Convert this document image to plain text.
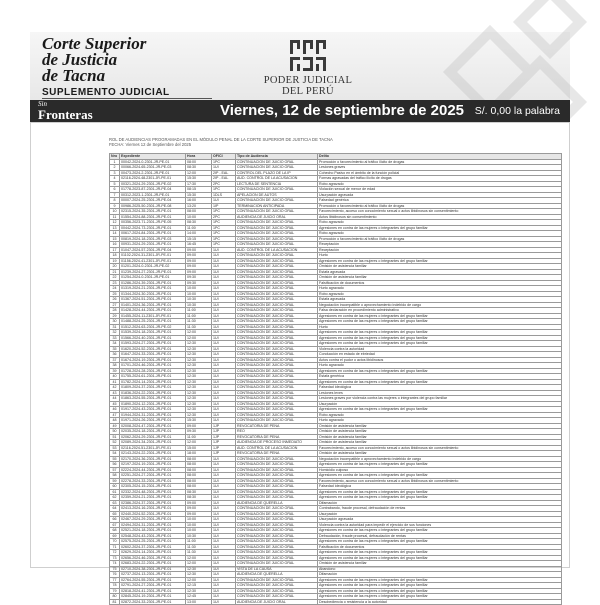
Corte Superior
de Justicia
de Tacna
SUPLEMENTO JUDICIAL
PODER JUDICIAL
DEL PERÚ
Sin
Fronteras	Viernes, 12 de septiembre de 2025 S/. 0,00 la palabra
ROL DE AUDIENCIAS PROGRAMADAS EN EL MÓDULO PENAL DE LA CORTE SUPERIOR DE JUSTICIA DE TACNA
FECHA: Viernes 12 de Septiembre del 2025
Nro	Expediente	Hora	OFICI	Tipo de Audiencia	Delito
1	00042-2024-0-2301-JR-PE-01	08:00	1PC	CONTINUACION DE JUICIO ORAL	Promoción o favorecimiento al tráfico ilícito de drogas
2	00066-2024-65-2301-JR-PE-03	08:30	1UI	CONTINUACION DE JUICIO ORAL	Lesiones graves
3	00473-2024-2-2301-JR-PE-01	12:00	2IP - EAL	CONTROL DEL PLAZO DE LA IP	Cohecho Pasivo en el ámbito de la función policial
4	02116-2024-48-2301-JR-PE-01	15:30	2IP - EAL	AUD. CONTROL DE LA ACUSACION	Formas agravadas del tráfico ilícito de drogas
5	00321-2024-29-2301-JR-PE-02	17:30	2PC	LECTURA DE SENTENCIA	Robo agravado
6	01778-2023-87-2301-JR-PE-04	08:15	1PC	CONTINUACION DE JUICIO ORAL	Violación sexual de menor de edad
7	00312-2023-1-2301-JR-PE-01	15:30	1DLS	APELACION DE AUTOS	Usurpación agravada
8	00007-2024-25-2301-JR-PE-04	16:00	1UI	CONTINUACION DE JUICIO ORAL	Falsedad genérica
9	00986-2025-50-2301-JR-PE-08	13:20	1IP	TERMINACION ANTICIPADA	Promoción o favorecimiento al tráfico ilícito de drogas
10	02315-2024-35-2301-JR-PE-01	08:00	1PC	CONTINUACION DE JUICIO ORAL	Favorecimiento, acceso con conocimiento sexual o actos libidinosos sin consentimiento
11	01554-2024-88-2301-JR-PE-01	10:00	2PC	AUDIENCIA DE JUICIO ORAL	Actos libidinosos sin consentimiento
12	00356-2023-71-2301-JR-PE-05	08:30	1PC	CONTINUACION DE JUICIO ORAL	Robo agravado
13	00442-2024-73-2301-JR-PE-01	11:00	1PC	CONTINUACION DE JUICIO ORAL	Agresiones en contra de las mujeres o integrantes del grupo familiar
14	00617-2024-84-2301-JR-PE-01	14:00	1PC	CONTINUACION DE JUICIO ORAL	Robo agravado
15	00819-2024-18-2301-JR-PE-03	15:15	1PC	CONTINUACION DE JUICIO ORAL	Promoción o favorecimiento al tráfico ilícito de drogas
16	00931-2024-29-2301-JR-PE-01	16:45	1PC	CONTINUACION DE JUICIO ORAL	Receptación
17	01047-2024-57-2301-JR-PE-04	09:00	1UI	AUD. CONTROL DE LA ACUSACION	Receptación
18	01102-2024-31-2301-JR-PE-01	09:00	1UI	CONTINUACION DE JUICIO ORAL	Hurto
19	01156-2024-41-2301-JR-PE-01	09:00	1UI	CONTINUACION DE JUICIO ORAL	Agresiones en contra de las mujeres o integrantes del grupo familiar
20	01201-2024-0-2301-JR-PE-02	09:00	1UI	CONTINUACION DE JUICIO ORAL	Omisión de asistencia familiar
21	01239-2024-27-2301-JR-PE-01	09:00	1UI	CONTINUACION DE JUICIO ORAL	Estafa agravada
22	01254-2024-0-2301-JR-PE-01	09:30	1UI	CONTINUACION DE JUICIO ORAL	Omisión de asistencia familiar
23	01286-2024-39-2301-JR-PE-01	09:30	1UI	CONTINUACION DE JUICIO ORAL	Falsificación de documentos
24	01319-2024-21-2301-JR-PE-01	10:00	1UI	CONTINUACION DE JUICIO ORAL	Hurto agravado
25	01344-2024-30-2301-JR-PE-01	10:00	1UI	CONTINUACION DE JUICIO ORAL	Robo agravado
26	01367-2024-51-2301-JR-PE-01	10:30	1UI	CONTINUACION DE JUICIO ORAL	Estafa agravada
27	01401-2024-36-2301-JR-PE-01	10:30	1UI	CONTINUACION DE JUICIO ORAL	Negociación incompatible o aprovechamiento indebido de cargo
28	01428-2024-44-2301-JR-PE-01	11:00	1UI	CONTINUACION DE JUICIO ORAL	Falsa declaración en procedimiento administrativo
29	01455-2024-11-2301-JR-PE-01	11:00	1UI	CONTINUACION DE JUICIO ORAL	Agresiones en contra de las mujeres o integrantes del grupo familiar
30	01488-2024-25-2301-JR-PE-01	11:30	1UI	CONTINUACION DE JUICIO ORAL	Agresiones en contra de las mujeres o integrantes del grupo familiar
31	01512-2024-63-2301-JR-PE-02	11:30	1UI	CONTINUACION DE JUICIO ORAL	Hurto
32	01539-2024-18-2301-JR-PE-01	12:00	1UI	CONTINUACION DE JUICIO ORAL	Agresiones en contra de las mujeres o integrantes del grupo familiar
33	01566-2024-40-2301-JR-PE-01	12:00	1UI	CONTINUACION DE JUICIO ORAL	Agresiones en contra de las mujeres o integrantes del grupo familiar
34	01593-2024-27-2301-JR-PE-01	12:30	1UI	CONTINUACION DE JUICIO ORAL	Agresiones en contra de las mujeres o integrantes del grupo familiar
35	01620-2024-52-2301-JR-PE-01	12:30	1UI	CONTINUACION DE JUICIO ORAL	Violencia contra la autoridad
36	01647-2024-33-2301-JR-PE-01	12:30	1UI	CONTINUACION DE JUICIO ORAL	Conducción en estado de ebriedad
37	01674-2024-19-2301-JR-PE-01	12:30	1UI	CONTINUACION DE JUICIO ORAL	Actos contra el pudor o actos libidinosos
38	01701-2024-46-2301-JR-PE-01	12:30	1UI	CONTINUACION DE JUICIO ORAL	Hurto agravado
39	01728-2024-28-2301-JR-PE-01	12:30	1UI	CONTINUACION DE JUICIO ORAL	Agresiones en contra de las mujeres o integrantes del grupo familiar
40	01755-2024-61-2301-JR-PE-01	12:30	1UI	CONTINUACION DE JUICIO ORAL	Estafa genérica
41	01782-2024-14-2301-JR-PE-01	12:30	1UI	CONTINUACION DE JUICIO ORAL	Agresiones en contra de las mujeres o integrantes del grupo familiar
42	01809-2024-37-2301-JR-PE-01	12:30	1UI	CONTINUACION DE JUICIO ORAL	Falsedad ideológica
43	01836-2024-22-2301-JR-PE-01	12:30	1UI	CONTINUACION DE JUICIO ORAL	Lesiones leves
44	01863-2024-55-2301-JR-PE-01	12:30	1UI	CONTINUACION DE JUICIO ORAL	Lesiones graves por violencia contra las mujeres o integrantes del grupo familiar
45	01890-2024-12-2301-JR-PE-01	12:30	1UI	CONTINUACION DE JUICIO ORAL	Usurpación
46	01917-2024-43-2301-JR-PE-01	12:30	1UI	CONTINUACION DE JUICIO ORAL	Agresiones en contra de las mujeres o integrantes del grupo familiar
47	01944-2024-31-2301-JR-PE-01	12:30	1UI	CONTINUACION DE JUICIO ORAL	Robo agravado
48	01971-2024-26-2301-JR-PE-01	15:30	1UI	CONTINUACION DE JUICIO ORAL	Hurto agravado
49	02008-2024-47-2301-JR-PE-01	09:00	1JP	REVOCATORIA DE PENA	Omisión de asistencia familiar
50	02035-2024-18-2301-JR-PE-01	09:30	1JP	REO	Omisión de asistencia familiar
51	02062-2024-29-2301-JR-PE-01	11:00	1JP	REVOCATORIA DE PENA	Omisión de asistencia familiar
52	02089-2024-34-2301-JR-PE-01	12:00	1JP	AUDIENCIA DE PROCESO INMEDIATO	Omisión de asistencia familiar
53	02116-2024-51-2301-JR-PE-01	15:00	1JP	AUD. CONTROL DE LA ACUSACION	Favorecimiento, acceso con conocimiento sexual o actos libidinosos sin consentimiento
54	02143-2024-22-2301-JR-PE-01	18:00	1JP	REVOCATORIA DE PENA	Omisión de asistencia familiar
55	02170-2024-36-2301-JR-PE-01	08:00	1UI	CONTINUACION DE JUICIO ORAL	Negociación incompatible o aprovechamiento indebido de cargo
56	02197-2024-19-2301-JR-PE-01	08:00	1UI	CONTINUACION DE JUICIO ORAL	Agresiones en contra de las mujeres o integrantes del grupo familiar
57	02224-2024-44-2301-JR-PE-01	08:00	1UI	CONTINUACION DE JUICIO ORAL	Homicidio culposo
58	02251-2024-27-2301-JR-PE-01	08:00	1UI	CONTINUACION DE JUICIO ORAL	Agresiones en contra de las mujeres o integrantes del grupo familiar
59	02278-2024-33-2301-JR-PE-01	08:00	1UI	CONTINUACION DE JUICIO ORAL	Favorecimiento, acceso con conocimiento sexual o actos libidinosos sin consentimiento
60	02305-2024-15-2301-JR-PE-01	08:00	1UI	CONTINUACION DE JUICIO ORAL	Falsedad ideológica
61	02332-2024-48-2301-JR-PE-01	08:30	1UI	CONTINUACION DE JUICIO ORAL	Agresiones en contra de las mujeres o integrantes del grupo familiar
62	02359-2024-21-2301-JR-PE-01	08:30	1UI	CONTINUACION DE JUICIO ORAL	Agresiones en contra de las mujeres o integrantes del grupo familiar
63	02386-2024-37-2301-JR-PE-01	09:00	1UI	AUDIENCIA DE QUERELLA	Difamación
64	02413-2024-16-2301-JR-PE-01	09:00	1UI	CONTINUACION DE JUICIO ORAL	Contrabando, fraude procesal, defraudación de rentas
65	02440-2024-52-2301-JR-PE-01	09:00	1UI	CONTINUACION DE JUICIO ORAL	Usurpación
66	02467-2024-29-2301-JR-PE-01	10:00	1UI	CONTINUACION DE JUICIO ORAL	Usurpación agravada
67	02494-2024-31-2301-JR-PE-01	10:00	1UI	CONTINUACION DE JUICIO ORAL	Violencia contra la autoridad para impedir el ejercicio de sus funciones
68	02521-2024-18-2301-JR-PE-01	10:00	1UI	CONTINUACION DE JUICIO ORAL	Agresiones en contra de las mujeres o integrantes del grupo familiar
69	02548-2024-43-2301-JR-PE-01	10:30	1UI	CONTINUACION DE JUICIO ORAL	Defraudación, fraude procesal, defraudación de rentas
70	02575-2024-25-2301-JR-PE-01	11:00	1UI	CONTINUACION DE JUICIO ORAL	Agresiones en contra de las mujeres o integrantes del grupo familiar
71	02602-2024-37-2301-JR-PE-01	11:30	1UI	CONTINUACION DE JUICIO ORAL	Falsificación de documentos
72	02629-2024-14-2301-JR-PE-01	11:30	1UI	CONTINUACION DE JUICIO ORAL	Agresiones en contra de las mujeres o integrantes del grupo familiar
73	02656-2024-46-2301-JR-PE-01	12:00	1UI	CONTINUACION DE JUICIO ORAL	Agresiones en contra de las mujeres o integrantes del grupo familiar
74	02683-2024-22-2301-JR-PE-01	12:00	1UI	CONTINUACION DE JUICIO ORAL	Omisión de asistencia familiar
75	02710-2024-38-2301-JR-PE-01	12:30	1UI	VISTA DE LA CAUSA	Abandono
76	02737-2024-13-2301-JR-PE-01	12:30	1UI	AUDIENCIA DE QUERELLA	Difamación
77	02764-2024-55-2301-JR-PE-01	12:00	1UI	CONTINUACION DE JUICIO ORAL	Agresiones en contra de las mujeres o integrantes del grupo familiar
78	02791-2024-27-2301-JR-PE-01	12:15	1UI	CONTINUACION DE JUICIO ORAL	Agresiones en contra de las mujeres o integrantes del grupo familiar
79	02818-2024-41-2301-JR-PE-01	12:30	1UI	CONTINUACION DE JUICIO ORAL	Agresiones en contra de las mujeres o integrantes del grupo familiar
80	02845-2024-19-2301-JR-PE-01	12:45	1UI	CONTINUACION DE JUICIO ORAL	Agresiones en contra de las mujeres o integrantes del grupo familiar
81	02872-2024-33-2301-JR-PE-01	13:00	1UI	AUDIENCIA DE JUICIO ORAL	Desobediencia o resistencia a la autoridad
